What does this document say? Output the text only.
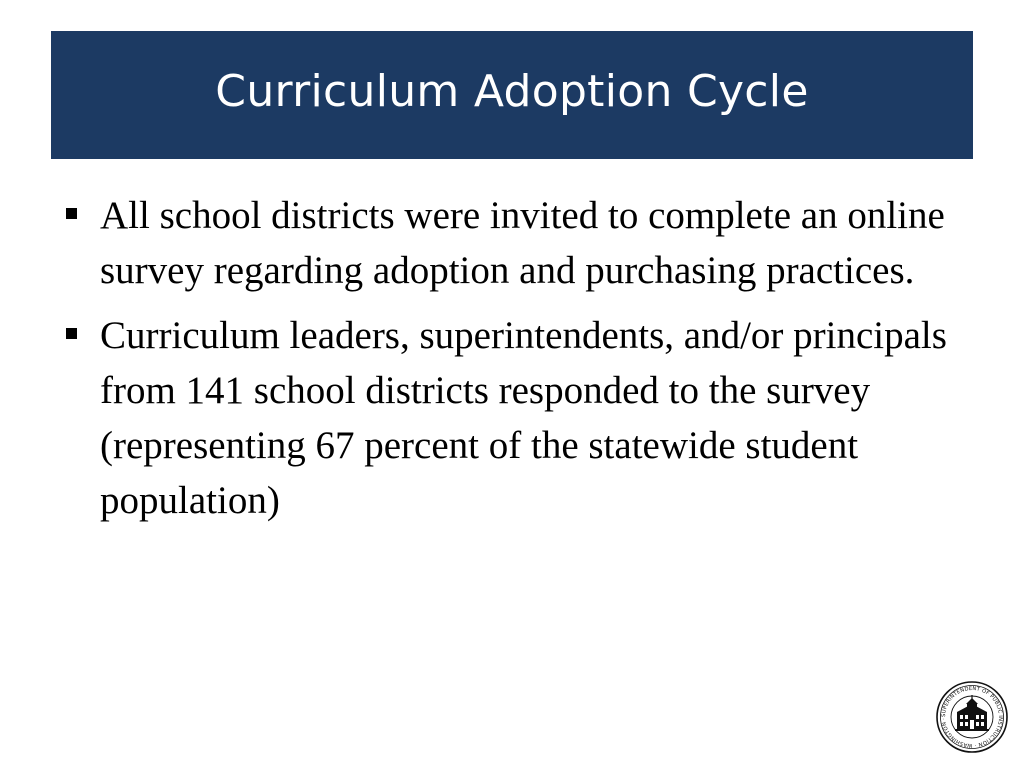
Curriculum Adoption Cycle
All school districts were invited to complete an online survey regarding adoption and purchasing practices.
Curriculum leaders, superintendents, and/or principals from 141 school districts responded to the survey (representing 67 percent of the statewide student population)
SUPERINTENDENT OF PUBLIC INSTRUCTION · WASHINGTON ·
